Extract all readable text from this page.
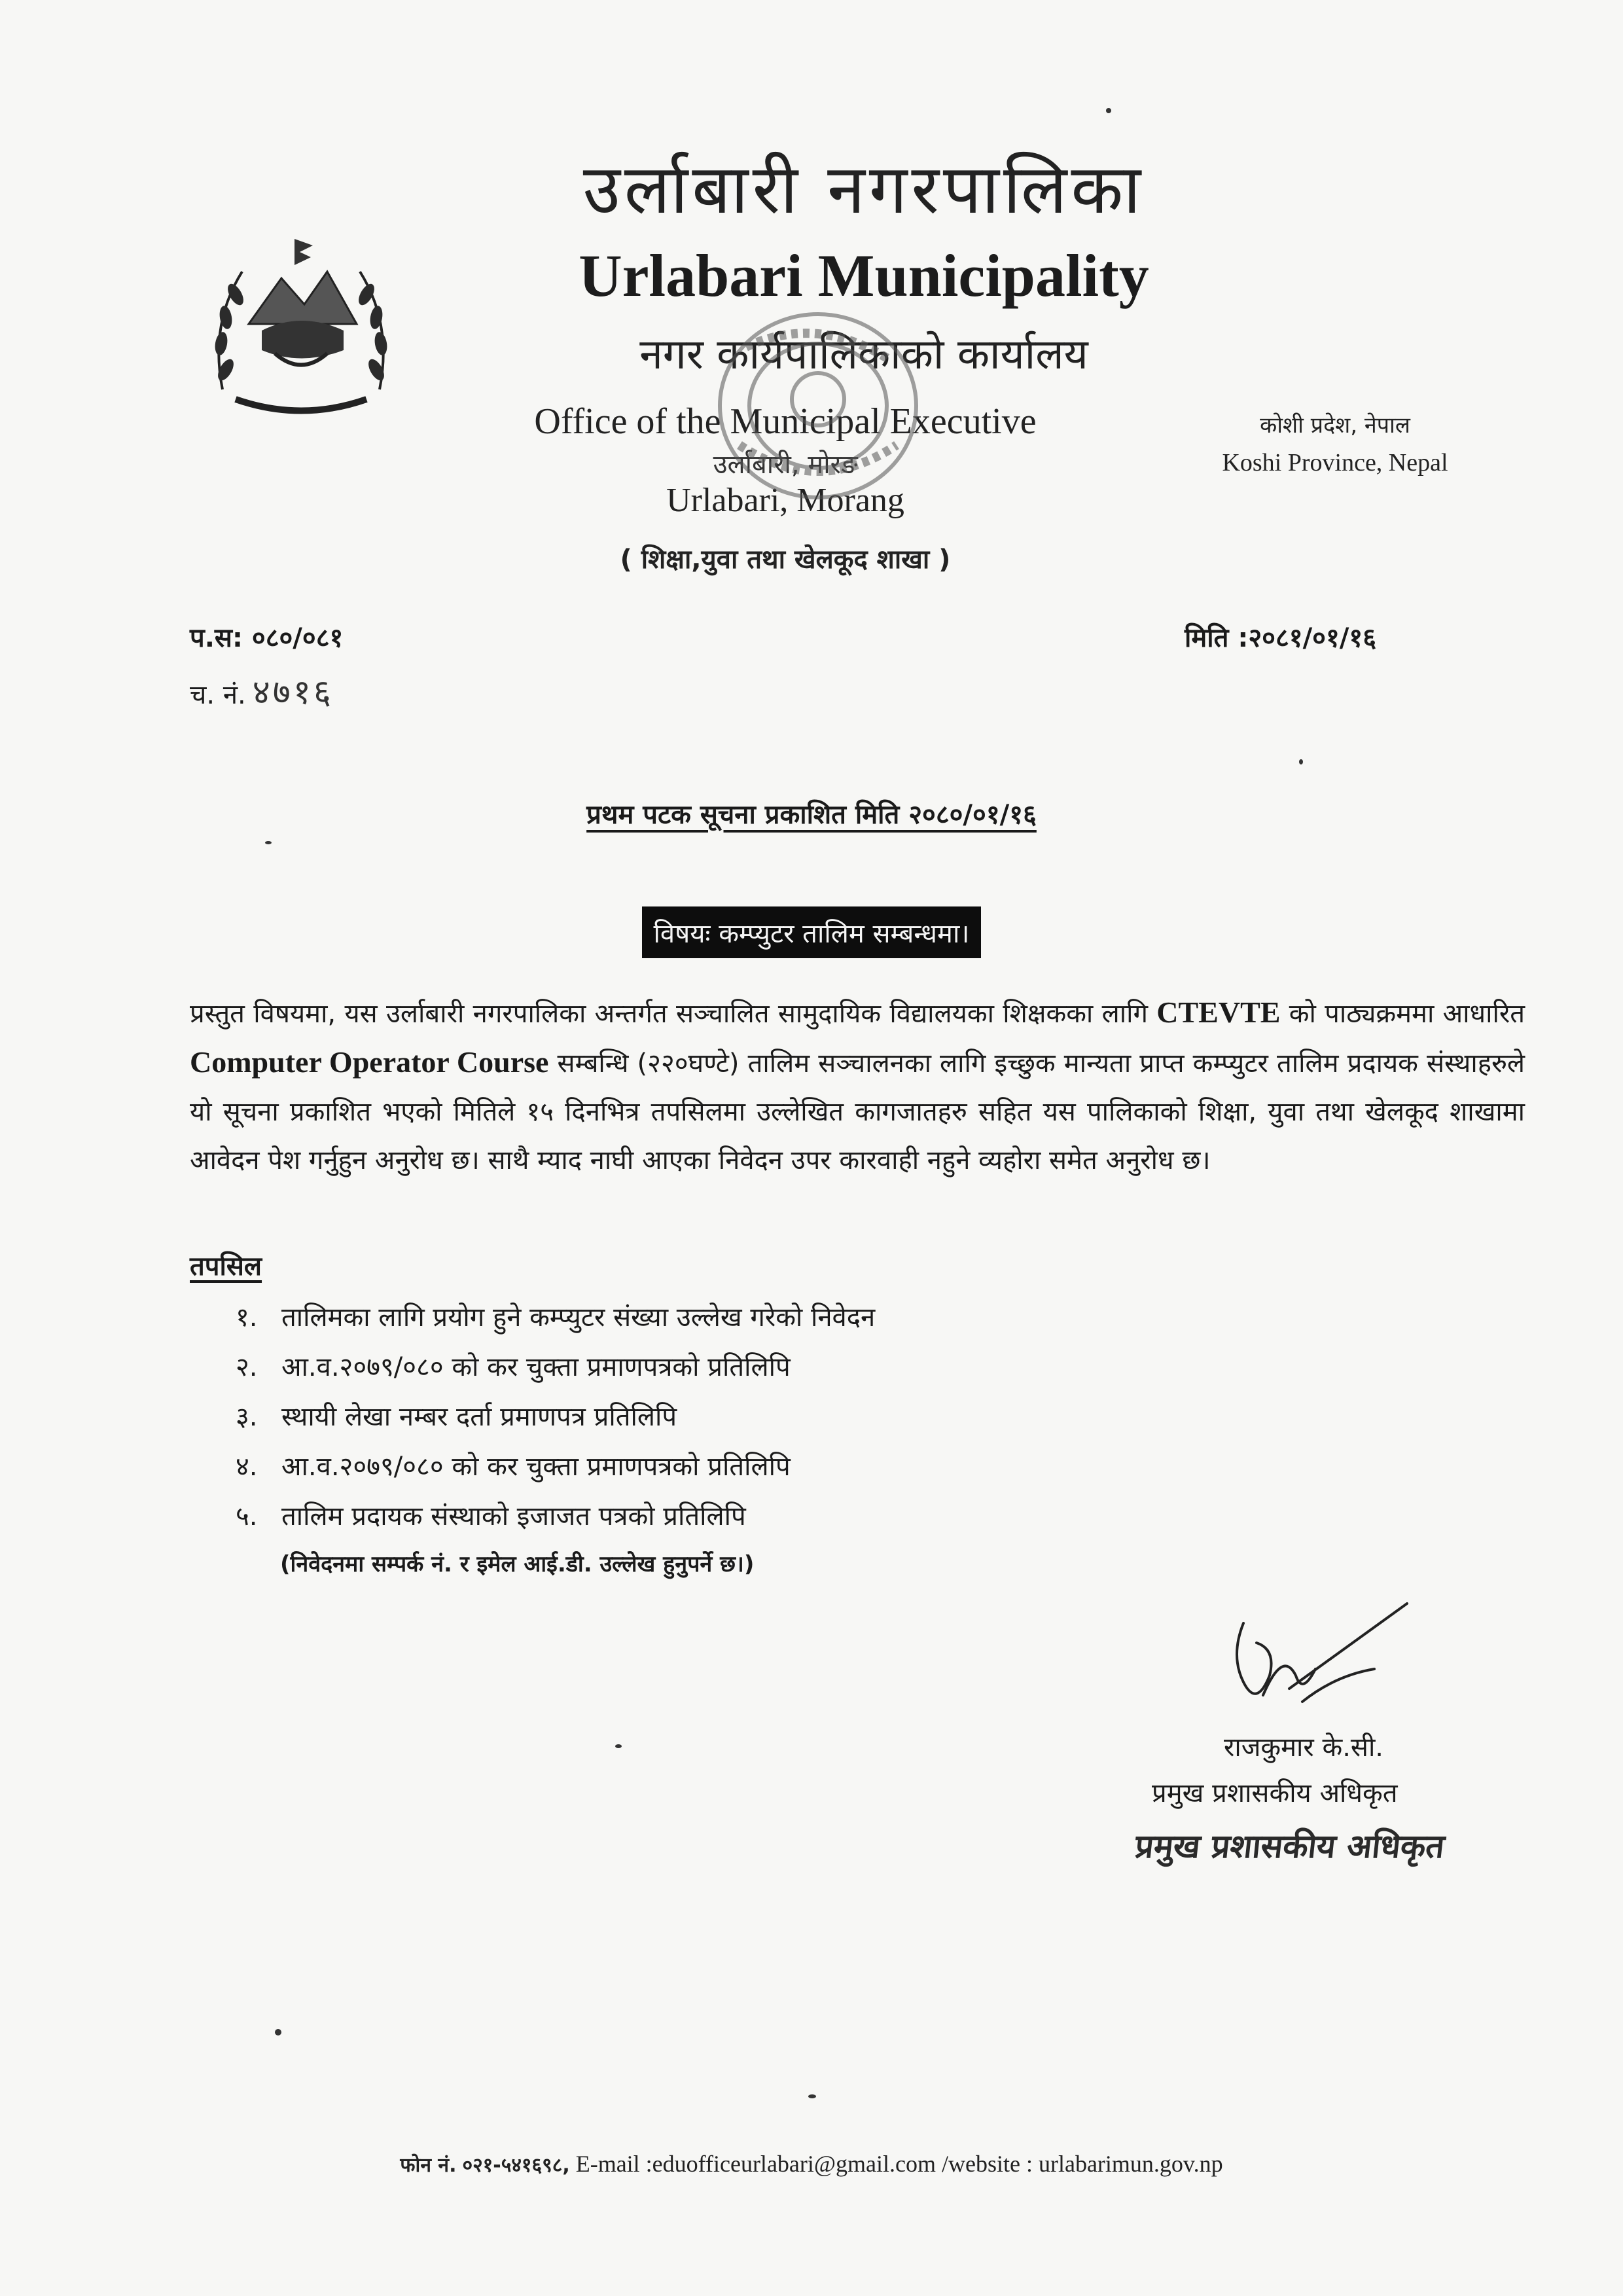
उर्लाबारी नगरपालिका
Urlabari Municipality
नगर कार्यपालिकाको कार्यालय
Office of the Municipal Executive
उर्लाबारी, मोरङ
Urlabari, Morang
( शिक्षा,युवा तथा खेलकूद शाखा )
कोशी प्रदेश, नेपाल
Koshi Province, Nepal
प.स: ०८०/०८१
च. नं. ४७१६
मिति :२०८१/०१/१६
प्रथम पटक सूचना प्रकाशित मिति २०८०/०१/१६
विषयः कम्प्युटर तालिम सम्बन्धमा।
प्रस्तुत विषयमा, यस उर्लाबारी नगरपालिका अन्तर्गत सञ्चालित सामुदायिक विद्यालयका शिक्षकका लागि CTEVTE को पाठ्यक्रममा आधारित Computer Operator Course सम्बन्धि (२२०घण्टे) तालिम सञ्चालनका लागि इच्छुक मान्यता प्राप्त कम्प्युटर तालिम प्रदायक संस्थाहरुले यो सूचना प्रकाशित भएको मितिले १५ दिनभित्र तपसिलमा उल्लेखित कागजातहरु सहित यस पालिकाको शिक्षा, युवा तथा खेलकूद शाखामा आवेदन पेश गर्नुहुन अनुरोध छ। साथै म्याद नाघी आएका निवेदन उपर कारवाही नहुने व्यहोरा समेत अनुरोध छ।
तपसिल
१. तालिमका लागि प्रयोग हुने कम्प्युटर संख्या उल्लेख गरेको निवेदन
२. आ.व.२०७९/०८० को कर चुक्ता प्रमाणपत्रको प्रतिलिपि
३. स्थायी लेखा नम्बर दर्ता प्रमाणपत्र प्रतिलिपि
४. आ.व.२०७९/०८० को कर चुक्ता प्रमाणपत्रको प्रतिलिपि
५. तालिम प्रदायक संस्थाको इजाजत पत्रको प्रतिलिपि
(निवेदनमा सम्पर्क नं. र इमेल आई.डी. उल्लेख हुनुपर्ने छ।)
राजकुमार के.सी.
प्रमुख प्रशासकीय अधिकृत
प्रमुख प्रशासकीय अधिकृत
फोन नं. ०२१-५४१६९८, E-mail :eduofficeurlabari@gmail.com /website : urlabarimun.gov.np
